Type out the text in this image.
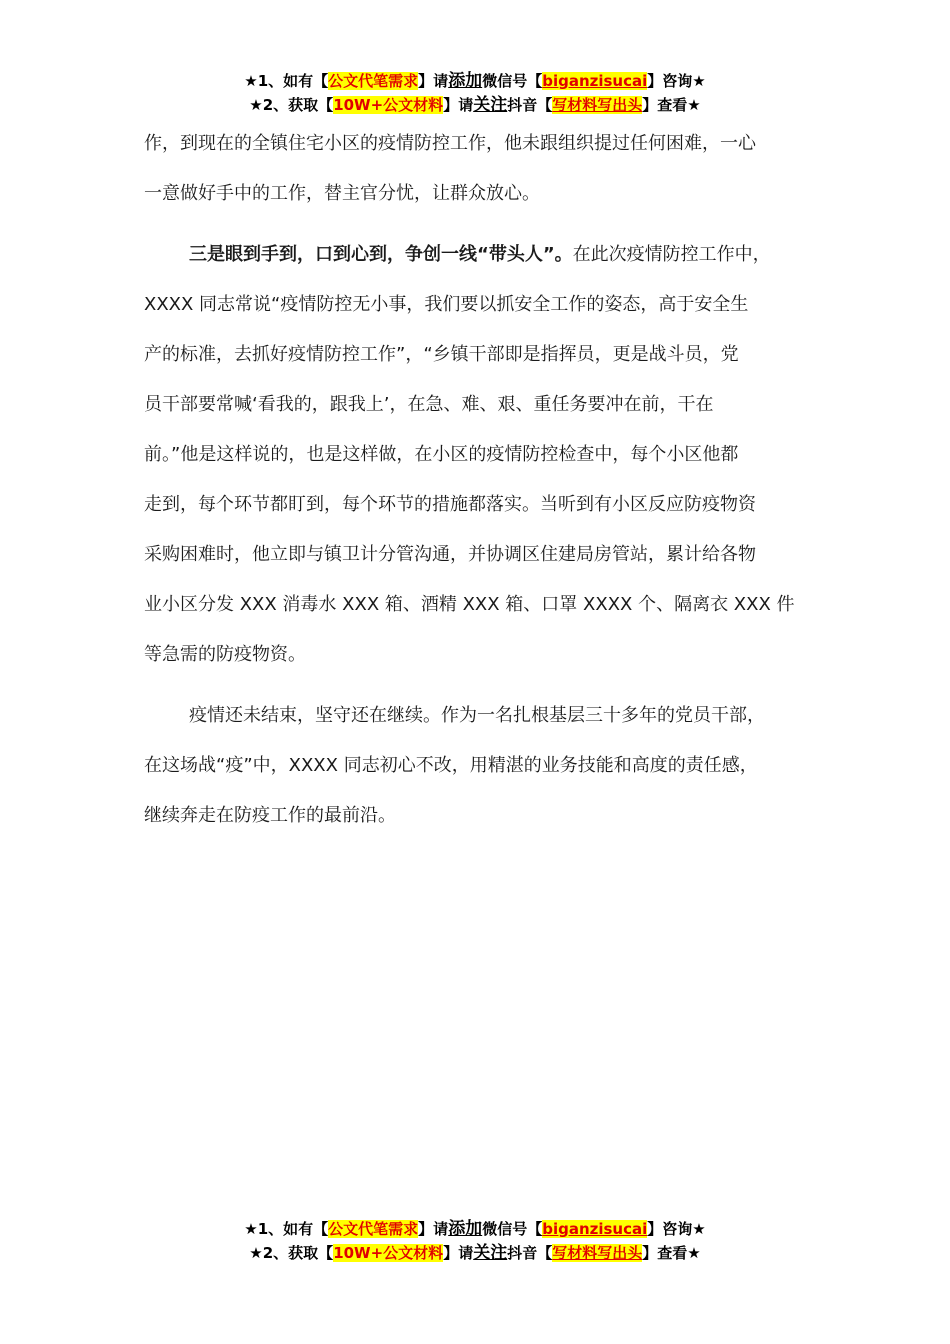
★1、如有【公文代笔需求】请添加微信号【biganzisucai】咨询★
★2、获取【10W+公文材料】请关注抖音【写材料写出头】查看★
作，到现在的全镇住宅小区的疫情防控工作，他未跟组织提过任何困难，一心
一意做好手中的工作，替主官分忧，让群众放心。
三是眼到手到，口到心到，争创一线“带头人”。在此次疫情防控工作中，
XXXX 同志常说“疫情防控无小事，我们要以抓安全工作的姿态，高于安全生
产的标准，去抓好疫情防控工作”，“乡镇干部即是指挥员，更是战斗员，党
员干部要常喊‘看我的，跟我上’，在急、难、艰、重任务要冲在前，干在
前。”他是这样说的，也是这样做，在小区的疫情防控检查中，每个小区他都
走到，每个环节都盯到，每个环节的措施都落实。当听到有小区反应防疫物资
采购困难时，他立即与镇卫计分管沟通，并协调区住建局房管站，累计给各物
业小区分发 XXX 消毒水 XXX 箱、酒精 XXX 箱、口罩 XXXX 个、隔离衣 XXX 件
等急需的防疫物资。
疫情还未结束，坚守还在继续。作为一名扎根基层三十多年的党员干部，
在这场战“疫”中，XXXX 同志初心不改，用精湛的业务技能和高度的责任感，
继续奔走在防疫工作的最前沿。
★1、如有【公文代笔需求】请添加微信号【biganzisucai】咨询★
★2、获取【10W+公文材料】请关注抖音【写材料写出头】查看★
